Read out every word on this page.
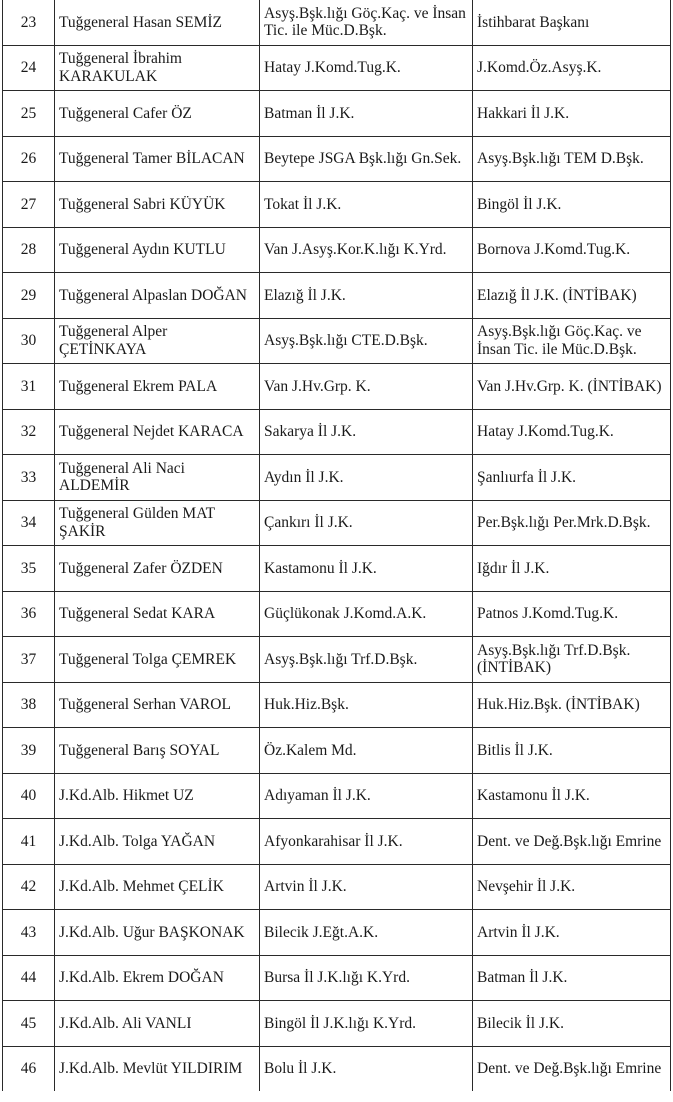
23	Tuğgeneral Hasan SEMİZ	Asyş.Bşk.lığı Göç.Kaç. ve İnsan Tic. ile Müc.D.Bşk.	İstihbarat Başkanı
24	Tuğgeneral İbrahim KARAKULAK	Hatay J.Komd.Tug.K.	J.Komd.Öz.Asyş.K.
25	Tuğgeneral Cafer ÖZ	Batman İl J.K.	Hakkari İl J.K.
26	Tuğgeneral Tamer BİLACAN	Beytepe JSGA Bşk.lığı Gn.Sek.	Asyş.Bşk.lığı TEM D.Bşk.
27	Tuğgeneral Sabri KÜYÜK	Tokat İl J.K.	Bingöl İl J.K.
28	Tuğgeneral Aydın KUTLU	Van J.Asyş.Kor.K.lığı K.Yrd.	Bornova J.Komd.Tug.K.
29	Tuğgeneral Alpaslan DOĞAN	Elazığ İl J.K.	Elazığ İl J.K. (İNTİBAK)
30	Tuğgeneral Alper ÇETİNKAYA	Asyş.Bşk.lığı CTE.D.Bşk.	Asyş.Bşk.lığı Göç.Kaç. ve İnsan Tic. ile Müc.D.Bşk.
31	Tuğgeneral Ekrem PALA	Van J.Hv.Grp. K.	Van J.Hv.Grp. K. (İNTİBAK)
32	Tuğgeneral Nejdet KARACA	Sakarya İl J.K.	Hatay J.Komd.Tug.K.
33	Tuğgeneral Ali Naci ALDEMİR	Aydın İl J.K.	Şanlıurfa İl J.K.
34	Tuğgeneral Gülden MAT ŞAKİR	Çankırı İl J.K.	Per.Bşk.lığı Per.Mrk.D.Bşk.
35	Tuğgeneral Zafer ÖZDEN	Kastamonu İl J.K.	Iğdır İl J.K.
36	Tuğgeneral Sedat KARA	Güçlükonak J.Komd.A.K.	Patnos J.Komd.Tug.K.
37	Tuğgeneral Tolga ÇEMREK	Asyş.Bşk.lığı Trf.D.Bşk.	Asyş.Bşk.lığı Trf.D.Bşk. (İNTİBAK)
38	Tuğgeneral Serhan VAROL	Huk.Hiz.Bşk.	Huk.Hiz.Bşk. (İNTİBAK)
39	Tuğgeneral Barış SOYAL	Öz.Kalem Md.	Bitlis İl J.K.
40	J.Kd.Alb. Hikmet UZ	Adıyaman İl J.K.	Kastamonu İl J.K.
41	J.Kd.Alb. Tolga YAĞAN	Afyonkarahisar İl J.K.	Dent. ve Değ.Bşk.lığı Emrine
42	J.Kd.Alb. Mehmet ÇELİK	Artvin İl J.K.	Nevşehir İl J.K.
43	J.Kd.Alb. Uğur BAŞKONAK	Bilecik J.Eğt.A.K.	Artvin İl J.K.
44	J.Kd.Alb. Ekrem DOĞAN	Bursa İl J.K.lığı K.Yrd.	Batman İl J.K.
45	J.Kd.Alb. Ali VANLI	Bingöl İl J.K.lığı K.Yrd.	Bilecik İl J.K.
46	J.Kd.Alb. Mevlüt YILDIRIM	Bolu İl J.K.	Dent. ve Değ.Bşk.lığı Emrine
